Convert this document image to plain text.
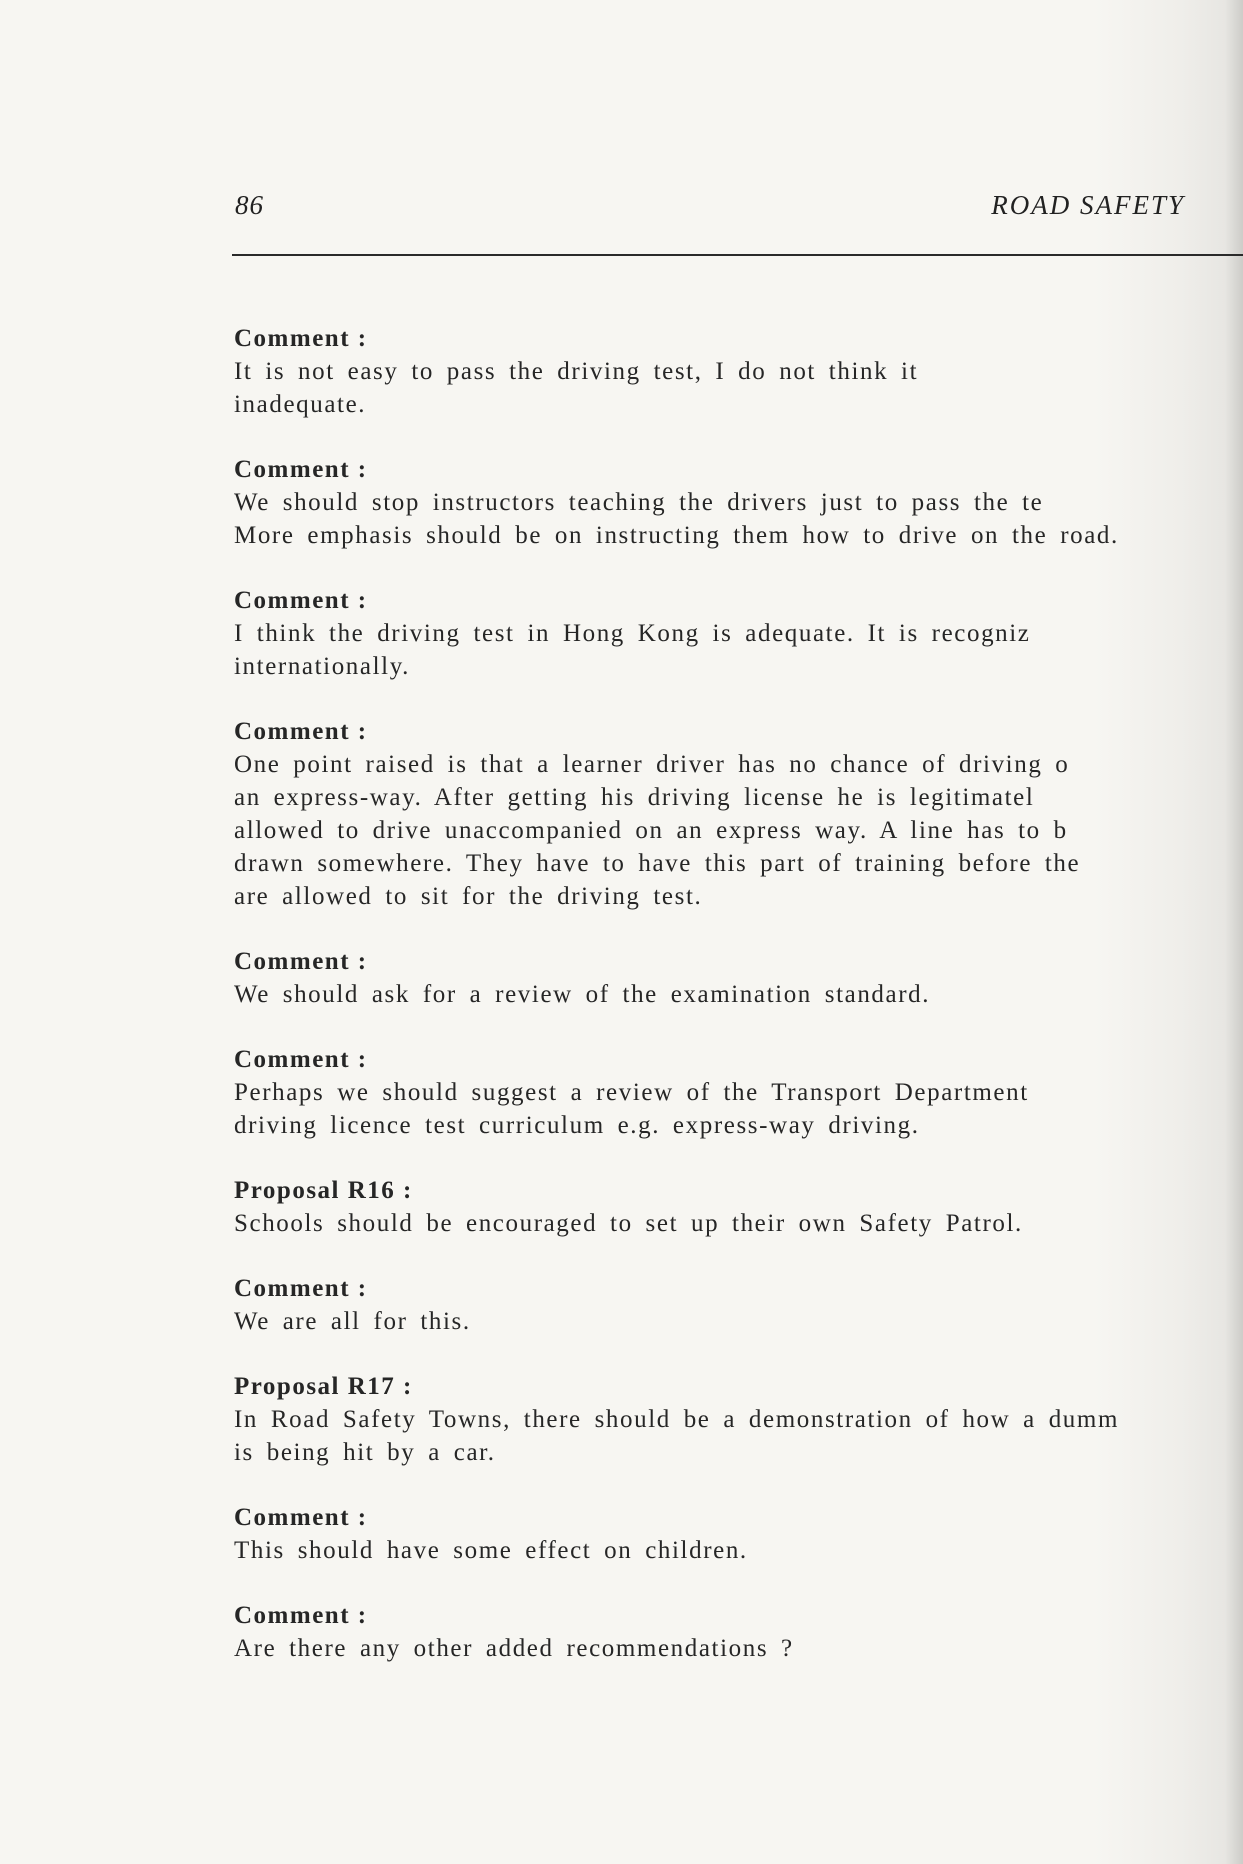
86	ROAD SAFETY
Comment :
It is not easy to pass the driving test, I do not think it
inadequate.
Comment :
We should stop instructors teaching the drivers just to pass the te
More emphasis should be on instructing them how to drive on the road.
Comment :
I think the driving test in Hong Kong is adequate. It is recogniz
internationally.
Comment :
One point raised is that a learner driver has no chance of driving o
an express-way. After getting his driving license he is legitimatel
allowed to drive unaccompanied on an express way. A line has to b
drawn somewhere. They have to have this part of training before the
are allowed to sit for the driving test.
Comment :
We should ask for a review of the examination standard.
Comment :
Perhaps we should suggest a review of the Transport Department
driving licence test curriculum e.g. express-way driving.
Proposal R16 :
Schools should be encouraged to set up their own Safety Patrol.
Comment :
We are all for this.
Proposal R17 :
In Road Safety Towns, there should be a demonstration of how a dumm
is being hit by a car.
Comment :
This should have some effect on children.
Comment :
Are there any other added recommendations ?
